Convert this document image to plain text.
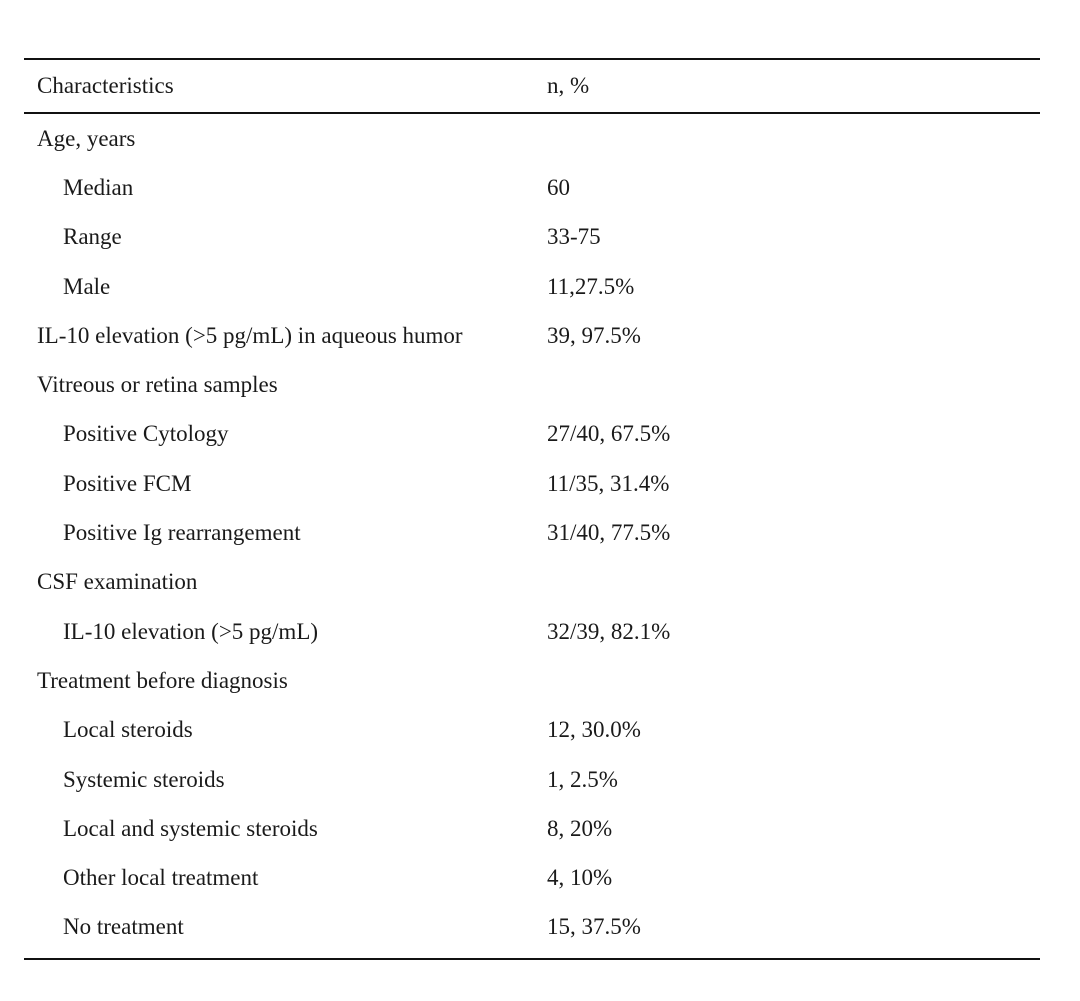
Characteristics	n, %
Age, years
Median	60
Range	33-75
Male	11,27.5%
IL-10 elevation (>5 pg/mL) in aqueous humor	39, 97.5%
Vitreous or retina samples
Positive Cytology	27/40, 67.5%
Positive FCM	11/35, 31.4%
Positive Ig rearrangement	31/40, 77.5%
CSF examination
IL-10 elevation (>5 pg/mL)	32/39, 82.1%
Treatment before diagnosis
Local steroids	12, 30.0%
Systemic steroids	1, 2.5%
Local and systemic steroids	8, 20%
Other local treatment	4, 10%
No treatment	15, 37.5%
